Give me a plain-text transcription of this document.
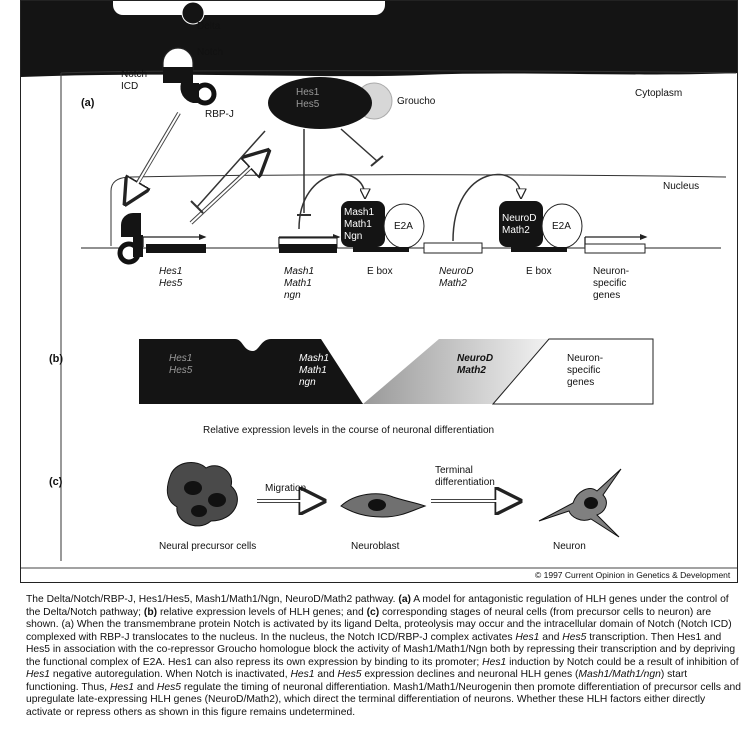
Delta
Notch
Notch
ICD
RBP-J
(a)
Hes1
Hes5	Groucho
Cytoplasm
Nucleus
Mash1
Math1
Ngn
E2A
NeuroD
Math2	E2A
Hes1
Hes5
Mash1
Math1
ngn
E box	NeuroD
Math2
E box	Neuron-
specific
genes
(b)	Hes1
Hes5
Mash1
Math1
ngn
NeuroD
Math2
Neuron-
specific
genes
Relative expression levels in the course of neuronal differentiation
(c)
Migration
Terminal
differentiation
Neural precursor cells	Neuroblast	Neuron
© 1997 Current Opinion in Genetics & Development

The Delta/Notch/RBP-J, Hes1/Hes5, Mash1/Math1/Ngn, NeuroD/Math2 pathway. (a) A model for antagonistic regulation of HLH genes under the control of the Delta/Notch pathway; (b) relative expression levels of HLH genes; and (c) corresponding stages of neural cells (from precursor cells to neuron) are shown. (a) When the transmembrane protein Notch is activated by its ligand Delta, proteolysis may occur and the intracellular domain of Notch (Notch ICD) complexed with RBP-J translocates to the nucleus. In the nucleus, the Notch ICD/RBP-J complex activates Hes1 and Hes5 transcription. Then Hes1 and Hes5 in association with the co-repressor Groucho homologue block the activity of Mash1/Math1/Ngn both by repressing their transcription and by depriving the functional complex of E2A. Hes1 can also repress its own expression by binding to its promoter; Hes1 induction by Notch could be a result of inhibition of Hes1 negative autoregulation. When Notch is inactivated, Hes1 and Hes5 expression declines and neuronal HLH genes (Mash1/Math1/ngn) start functioning. Thus, Hes1 and Hes5 regulate the timing of neuronal differentiation. Mash1/Math1/Neurogenin then promote differentiation of precursor cells and upregulate late-expressing HLH genes (NeuroD/Math2), which direct the terminal differentiation of neurons. Whether these HLH factors either directly activate or repress others as shown in this figure remains undetermined.
